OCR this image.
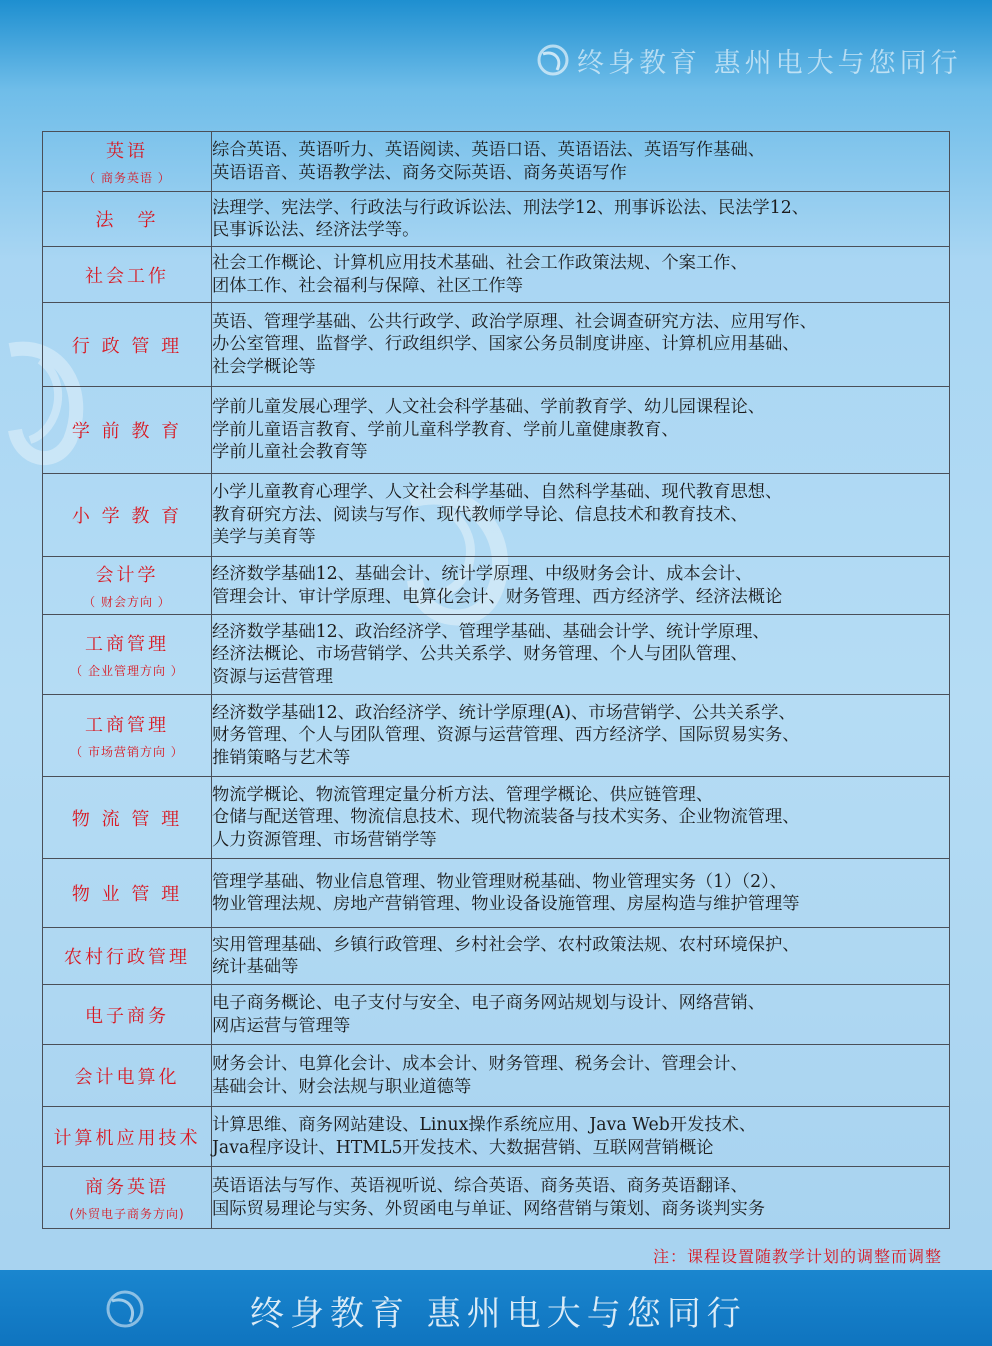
终身教育 惠州电大与您同行
英语
（ 商务英语 ）	综合英语、英语听力、英语阅读、英语口语、英语语法、英语写作基础、
英语语音、英语教学法、商务交际英语、商务英语写作

法　学	法理学、宪法学、行政法与行政诉讼法、刑法学12、刑事诉讼法、民法学12、
民事诉讼法、经济法学等。

社会工作	社会工作概论、计算机应用技术基础、社会工作政策法规、个案工作、
团体工作、社会福利与保障、社区工作等

行 政 管 理	英语、管理学基础、公共行政学、政治学原理、社会调查研究方法、应用写作、
办公室管理、监督学、行政组织学、国家公务员制度讲座、计算机应用基础、
社会学概论等

学 前 教 育	学前儿童发展心理学、人文社会科学基础、学前教育学、幼儿园课程论、
学前儿童语言教育、学前儿童科学教育、学前儿童健康教育、
学前儿童社会教育等

小 学 教 育	小学儿童教育心理学、人文社会科学基础、自然科学基础、现代教育思想、
教育研究方法、阅读与写作、现代教师学导论、信息技术和教育技术、
美学与美育等

会计学
（ 财会方向 ）	经济数学基础12、基础会计、统计学原理、中级财务会计、成本会计、
管理会计、审计学原理、电算化会计、财务管理、西方经济学、经济法概论

工商管理
（ 企业管理方向 ）	经济数学基础12、政治经济学、管理学基础、基础会计学、统计学原理、
经济法概论、市场营销学、公共关系学、财务管理、个人与团队管理、
资源与运营管理

工商管理
（ 市场营销方向 ）	经济数学基础12、政治经济学、统计学原理(A)、市场营销学、公共关系学、
财务管理、个人与团队管理、资源与运营管理、西方经济学、国际贸易实务、
推销策略与艺术等

物 流 管 理	物流学概论、物流管理定量分析方法、管理学概论、供应链管理、
仓储与配送管理、物流信息技术、现代物流装备与技术实务、企业物流管理、
人力资源管理、市场营销学等

物 业 管 理	管理学基础、物业信息管理、物业管理财税基础、物业管理实务（1）（2）、
物业管理法规、房地产营销管理、物业设备设施管理、房屋构造与维护管理等

农村行政管理	实用管理基础、乡镇行政管理、乡村社会学、农村政策法规、农村环境保护、
统计基础等

电子商务	电子商务概论、电子支付与安全、电子商务网站规划与设计、网络营销、
网店运营与管理等

会计电算化	财务会计、电算化会计、成本会计、财务管理、税务会计、管理会计、
基础会计、财会法规与职业道德等

计算机应用技术	计算思维、商务网站建设、Linux操作系统应用、Java Web开发技术、
Java程序设计、HTML5开发技术、大数据营销、互联网营销概论

商务英语
(外贸电子商务方向)	英语语法与写作、英语视听说、综合英语、商务英语、商务英语翻译、
国际贸易理论与实务、外贸函电与单证、网络营销与策划、商务谈判实务
注：课程设置随教学计划的调整而调整
终身教育 惠州电大与您同行
